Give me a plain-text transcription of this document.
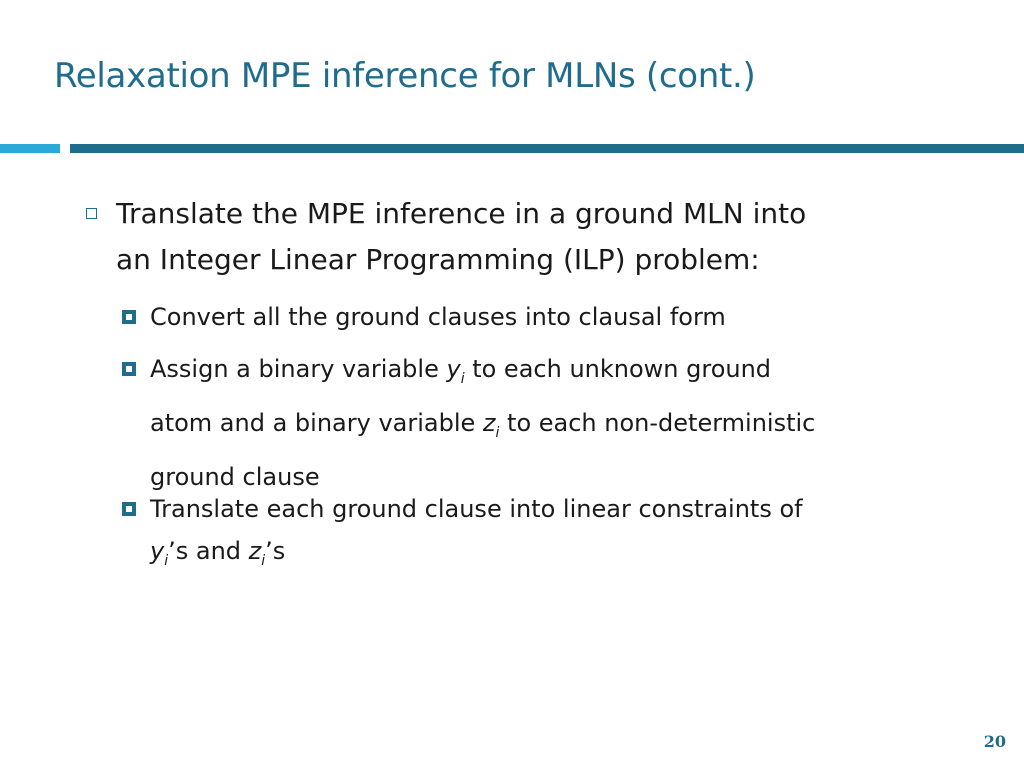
Relaxation MPE inference for MLNs (cont.)
Translate the MPE inference in a ground MLN into
an Integer Linear Programming (ILP) problem:
Convert all the ground clauses into clausal form
Assign a binary variable $y_i$ to each unknown ground
atom and a binary variable $z_i$ to each non-deterministic
ground clause
Translate each ground clause into linear constraints of
$y_i’s$ and $z_i’s$
20
